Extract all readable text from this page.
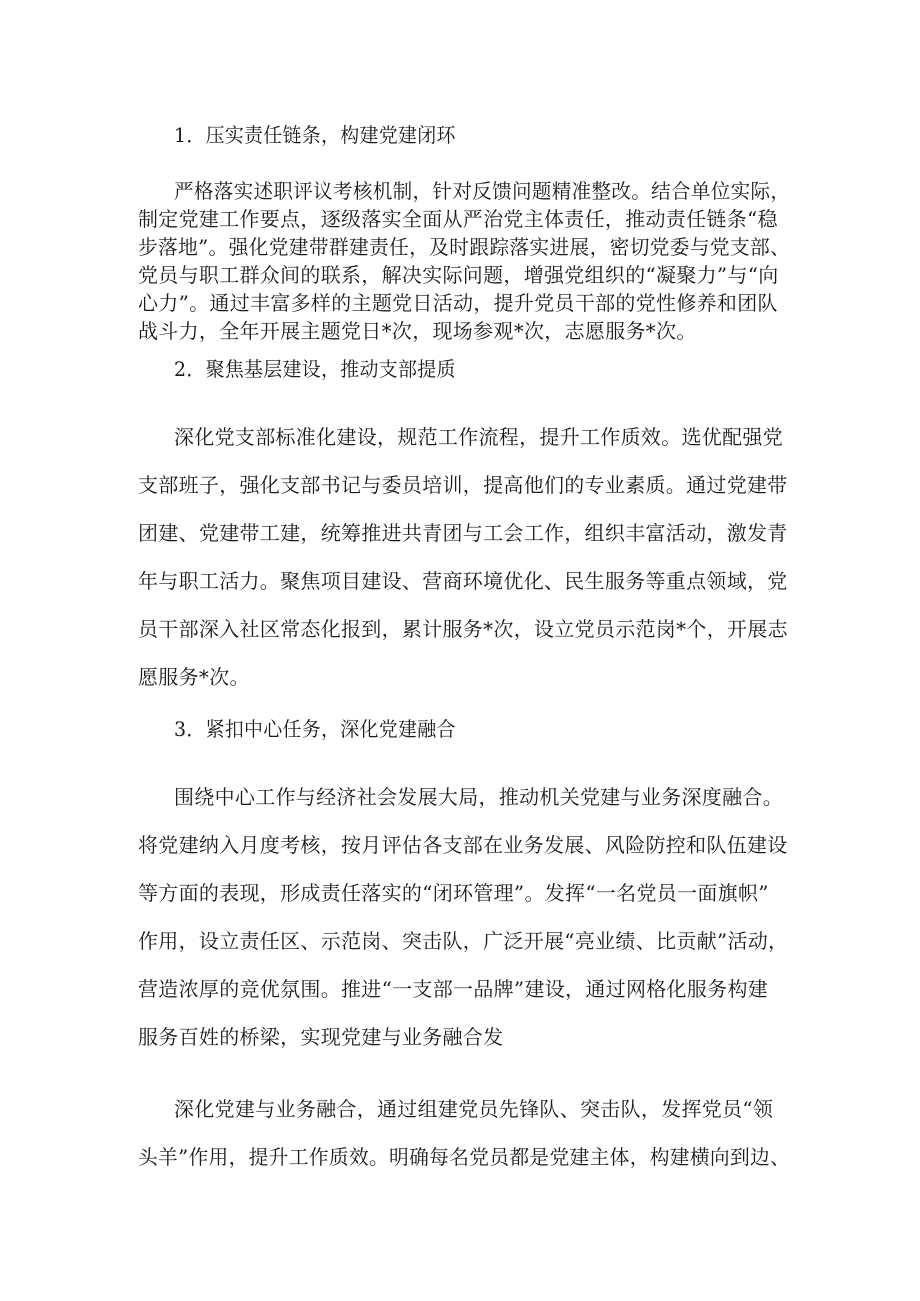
1．压实责任链条，构建党建闭环
严格落实述职评议考核机制，针对反馈问题精准整改。结合单位实际，
制定党建工作要点，逐级落实全面从严治党主体责任，推动责任链条“稳
步落地”。强化党建带群建责任，及时跟踪落实进展，密切党委与党支部、
党员与职工群众间的联系，解决实际问题，增强党组织的“凝聚力”与“向
心力”。通过丰富多样的主题党日活动，提升党员干部的党性修养和团队
战斗力，全年开展主题党日*次，现场参观*次，志愿服务*次。
2．聚焦基层建设，推动支部提质
深化党支部标准化建设，规范工作流程，提升工作质效。选优配强党
支部班子，强化支部书记与委员培训，提高他们的专业素质。通过党建带
团建、党建带工建，统筹推进共青团与工会工作，组织丰富活动，激发青
年与职工活力。聚焦项目建设、营商环境优化、民生服务等重点领域，党
员干部深入社区常态化报到，累计服务*次，设立党员示范岗*个，开展志
愿服务*次。
3．紧扣中心任务，深化党建融合
围绕中心工作与经济社会发展大局，推动机关党建与业务深度融合。
将党建纳入月度考核，按月评估各支部在业务发展、风险防控和队伍建设
等方面的表现，形成责任落实的“闭环管理”。发挥“一名党员一面旗帜”
作用，设立责任区、示范岗、突击队，广泛开展“亮业绩、比贡献”活动，
营造浓厚的竞优氛围。推进“一支部一品牌”建设，通过网格化服务构建
服务百姓的桥梁，实现党建与业务融合发
深化党建与业务融合，通过组建党员先锋队、突击队，发挥党员“领
头羊”作用，提升工作质效。明确每名党员都是党建主体，构建横向到边、
